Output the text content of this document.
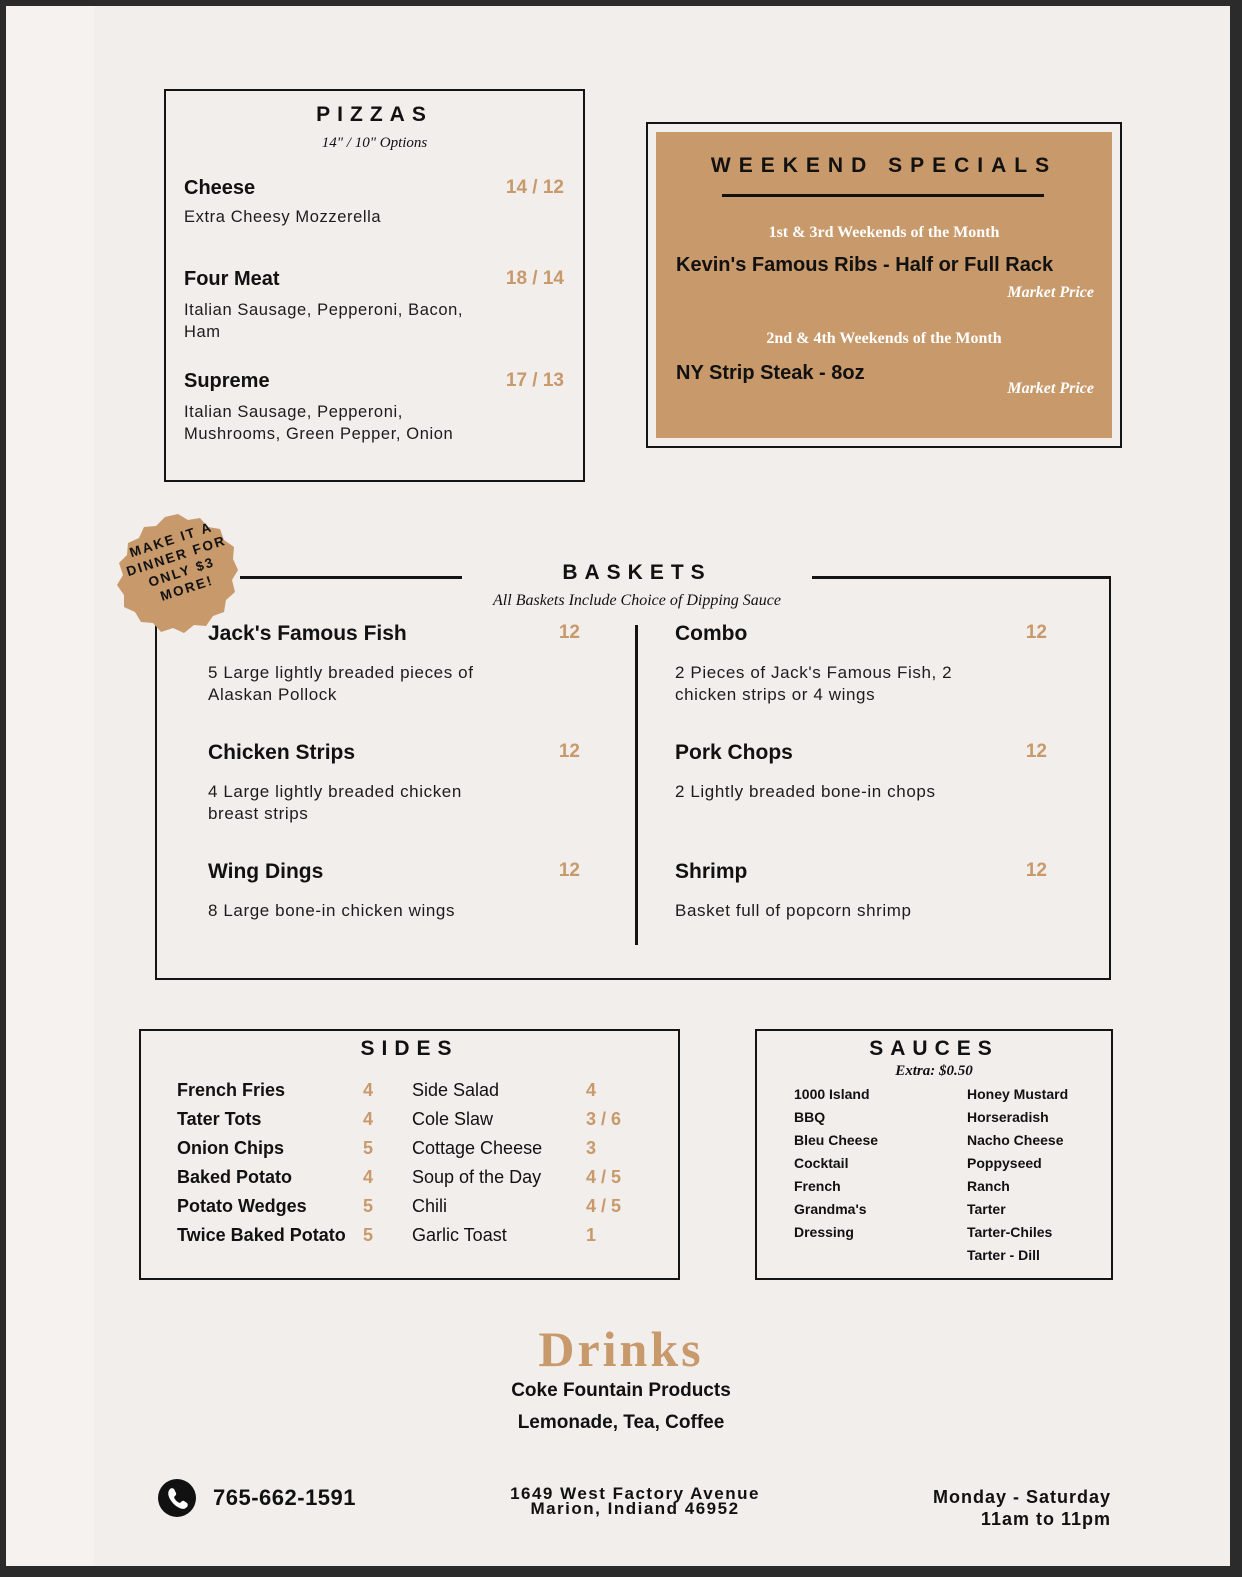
PIZZAS
14" / 10" Options
Cheese	14 / 12
Extra Cheesy Mozzerella
Four Meat	18 / 14
Italian Sausage, Pepperoni, Bacon, Ham
Supreme	17 / 13
Italian Sausage, Pepperoni, Mushrooms, Green Pepper, Onion
WEEKEND SPECIALS
1st & 3rd Weekends of the Month
Kevin's Famous Ribs - Half or Full Rack
Market Price
2nd & 4th Weekends of the Month
NY Strip Steak - 8oz
Market Price
BASKETS
All Baskets Include Choice of Dipping Sauce
Jack's Famous Fish	12
5 Large lightly breaded pieces of Alaskan Pollock
Chicken Strips	12
4 Large lightly breaded chicken breast strips
Wing Dings	12
8 Large bone-in chicken wings
Combo	12
2 Pieces of Jack's Famous Fish, 2 chicken strips or 4 wings
Pork Chops	12
2 Lightly breaded bone-in chops
Shrimp	12
Basket full of popcorn shrimp
MAKE IT A DINNER FOR ONLY $3 MORE!
SIDES
French Fries	4
Tater Tots	4
Onion Chips	5
Baked Potato	4
Potato Wedges	5
Twice Baked Potato 5
Side Salad	4
Cole Slaw	3 / 6
Cottage Cheese 3
Soup of the Day 4 / 5
Chili	4 / 5
Garlic Toast	1
SAUCES
Extra: $0.50
1000 Island
BBQ
Bleu Cheese
Cocktail
French
Grandma's
Dressing
Honey Mustard
Horseradish
Nacho Cheese
Poppyseed
Ranch
Tarter
Tarter-Chiles
Tarter - Dill
Drinks
Coke Fountain Products
Lemonade, Tea, Coffee
765-662-1591	1649 West Factory Avenue
Marion, Indiand 46952
Monday - Saturday
11am to 11pm
